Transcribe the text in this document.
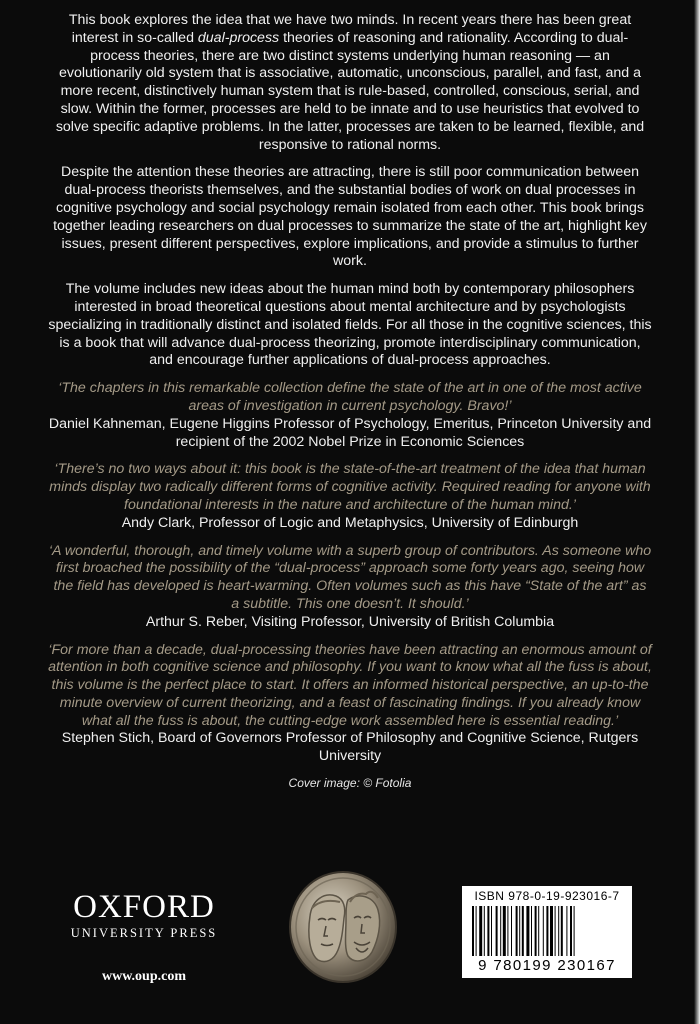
This book explores the idea that we have two minds. In recent years there has been great interest in so-called dual-process theories of reasoning and rationality. According to dual-process theories, there are two distinct systems underlying human reasoning — an evolutionarily old system that is associative, automatic, unconscious, parallel, and fast, and a more recent, distinctively human system that is rule-based, controlled, conscious, serial, and slow. Within the former, processes are held to be innate and to use heuristics that evolved to solve specific adaptive problems. In the latter, processes are taken to be learned, flexible, and responsive to rational norms.

Despite the attention these theories are attracting, there is still poor communication between dual-process theorists themselves, and the substantial bodies of work on dual processes in cognitive psychology and social psychology remain isolated from each other. This book brings together leading researchers on dual processes to summarize the state of the art, highlight key issues, present different perspectives, explore implications, and provide a stimulus to further work.

The volume includes new ideas about the human mind both by contemporary philosophers interested in broad theoretical questions about mental architecture and by psychologists specializing in traditionally distinct and isolated fields. For all those in the cognitive sciences, this is a book that will advance dual-process theorizing, promote interdisciplinary communication, and encourage further applications of dual-process approaches.

‘The chapters in this remarkable collection define the state of the art in one of the most active areas of investigation in current psychology. Bravo!’

Daniel Kahneman, Eugene Higgins Professor of Psychology, Emeritus, Princeton University and recipient of the 2002 Nobel Prize in Economic Sciences

‘There’s no two ways about it: this book is the state-of-the-art treatment of the idea that human minds display two radically different forms of cognitive activity. Required reading for anyone with foundational interests in the nature and architecture of the human mind.’

Andy Clark, Professor of Logic and Metaphysics, University of Edinburgh

‘A wonderful, thorough, and timely volume with a superb group of contributors. As someone who first broached the possibility of the “dual-process” approach some forty years ago, seeing how the field has developed is heart-warming. Often volumes such as this have “State of the art” as a subtitle. This one doesn’t. It should.’

Arthur S. Reber, Visiting Professor, University of British Columbia

‘For more than a decade, dual-processing theories have been attracting an enormous amount of attention in both cognitive science and philosophy. If you want to know what all the fuss is about, this volume is the perfect place to start. It offers an informed historical perspective, an up-to-the minute overview of current theorizing, and a feast of fascinating findings. If you already know what all the fuss is about, the cutting-edge work assembled here is essential reading.’

Stephen Stich, Board of Governors Professor of Philosophy and Cognitive Science, Rutgers University

Cover image: © Fotolia
OXFORD
UNIVERSITY PRESS
www.oup.com
ISBN 978-0-19-923016-7
9 780199 230167
